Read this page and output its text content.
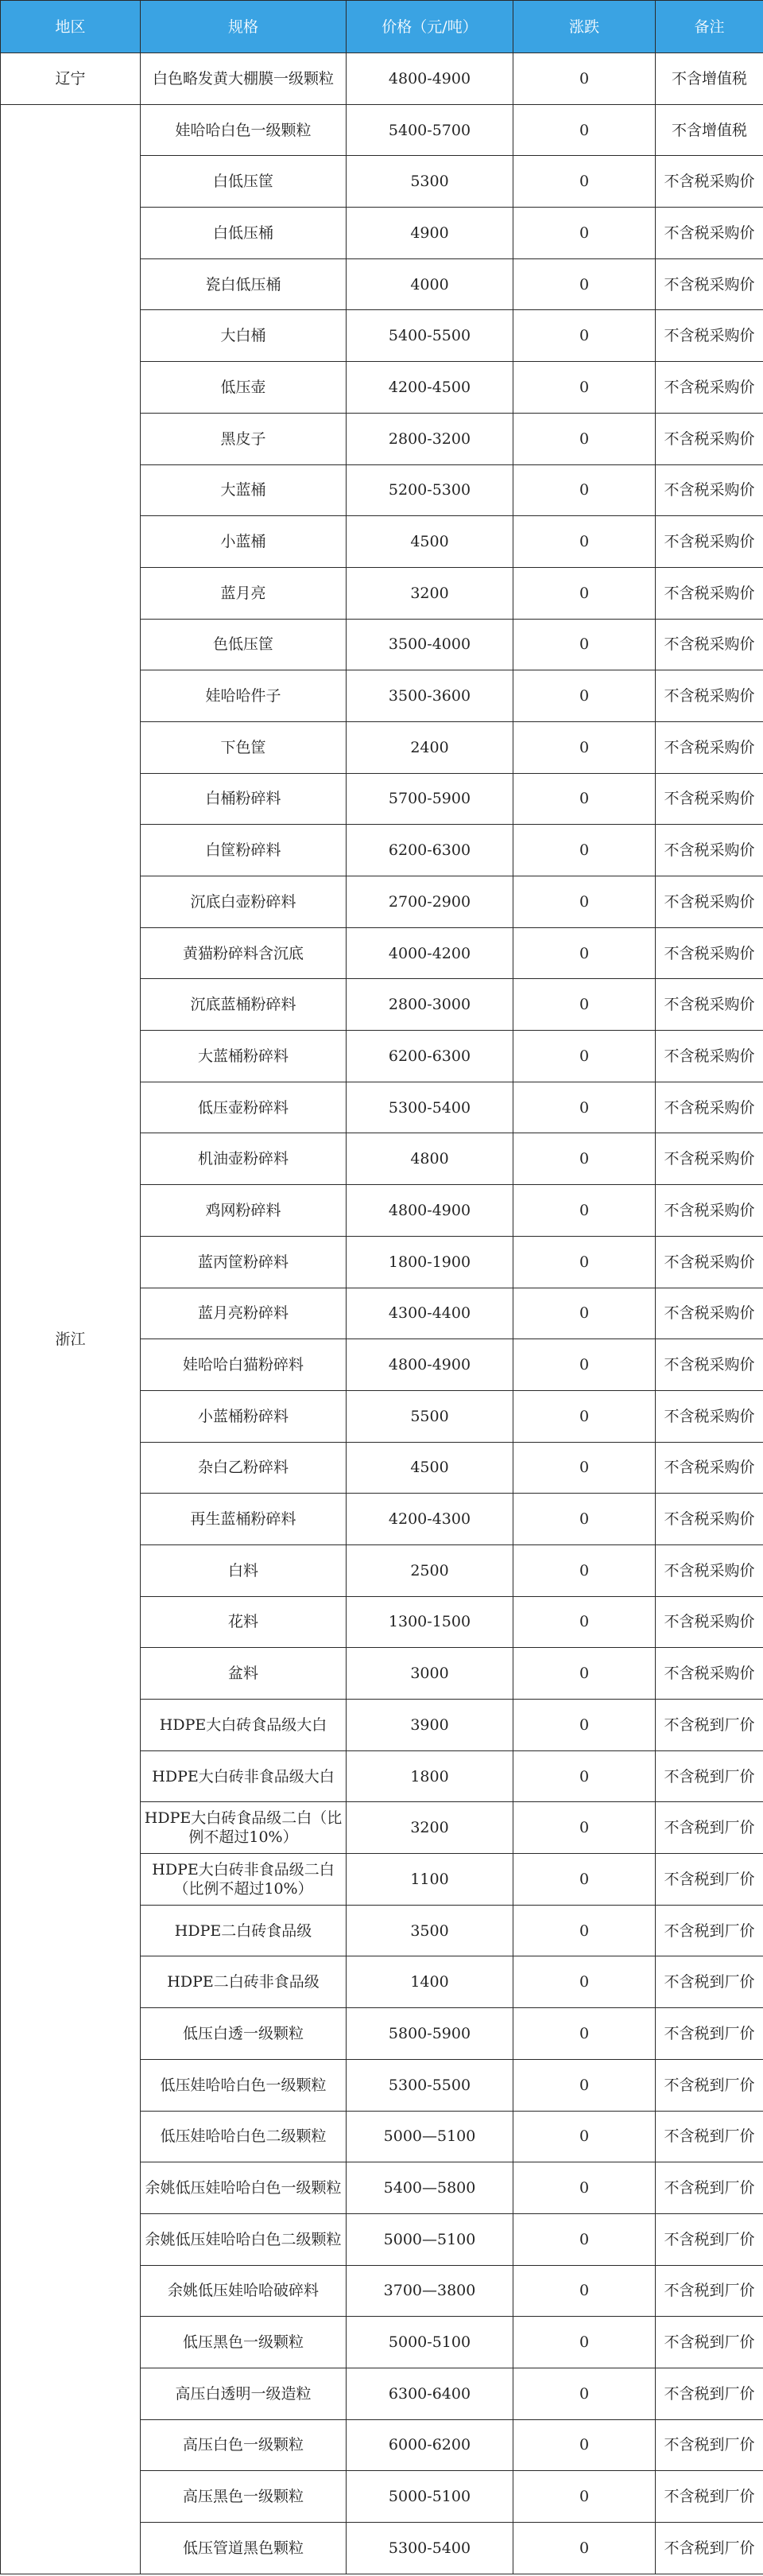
地区	规格	价格（元/吨）	涨跌	备注
辽宁	白色略发黄大棚膜一级颗粒	4800-4900	0	不含增值税
浙江	娃哈哈白色一级颗粒	5400-5700	0	不含增值税
	白低压筐	5300	0	不含税采购价
	白低压桶	4900	0	不含税采购价
	瓷白低压桶	4000	0	不含税采购价
	大白桶	5400-5500	0	不含税采购价
	低压壶	4200-4500	0	不含税采购价
	黑皮子	2800-3200	0	不含税采购价
	大蓝桶	5200-5300	0	不含税采购价
	小蓝桶	4500	0	不含税采购价
	蓝月亮	3200	0	不含税采购价
	色低压筐	3500-4000	0	不含税采购价
	娃哈哈件子	3500-3600	0	不含税采购价
	下色筐	2400	0	不含税采购价
	白桶粉碎料	5700-5900	0	不含税采购价
	白筐粉碎料	6200-6300	0	不含税采购价
	沉底白壶粉碎料	2700-2900	0	不含税采购价
	黄猫粉碎料含沉底	4000-4200	0	不含税采购价
	沉底蓝桶粉碎料	2800-3000	0	不含税采购价
	大蓝桶粉碎料	6200-6300	0	不含税采购价
	低压壶粉碎料	5300-5400	0	不含税采购价
	机油壶粉碎料	4800	0	不含税采购价
	鸡网粉碎料	4800-4900	0	不含税采购价
	蓝丙筐粉碎料	1800-1900	0	不含税采购价
	蓝月亮粉碎料	4300-4400	0	不含税采购价
	娃哈哈白猫粉碎料	4800-4900	0	不含税采购价
	小蓝桶粉碎料	5500	0	不含税采购价
	杂白乙粉碎料	4500	0	不含税采购价
	再生蓝桶粉碎料	4200-4300	0	不含税采购价
	白料	2500	0	不含税采购价
	花料	1300-1500	0	不含税采购价
	盆料	3000	0	不含税采购价
	HDPE大白砖食品级大白	3900	0	不含税到厂价
	HDPE大白砖非食品级大白	1800	0	不含税到厂价
	HDPE大白砖食品级二白（比例不超过10%）	3200	0	不含税到厂价
	HDPE大白砖非食品级二白（比例不超过10%）	1100	0	不含税到厂价
	HDPE二白砖食品级	3500	0	不含税到厂价
	HDPE二白砖非食品级	1400	0	不含税到厂价
	低压白透一级颗粒	5800-5900	0	不含税到厂价
	低压娃哈哈白色一级颗粒	5300-5500	0	不含税到厂价
	低压娃哈哈白色二级颗粒	5000—5100	0	不含税到厂价
	余姚低压娃哈哈白色一级颗粒	5400—5800	0	不含税到厂价
	余姚低压娃哈哈白色二级颗粒	5000—5100	0	不含税到厂价
	余姚低压娃哈哈破碎料	3700—3800	0	不含税到厂价
	低压黑色一级颗粒	5000-5100	0	不含税到厂价
	高压白透明一级造粒	6300-6400	0	不含税到厂价
	高压白色一级颗粒	6000-6200	0	不含税到厂价
	高压黑色一级颗粒	5000-5100	0	不含税到厂价
	低压管道黑色颗粒	5300-5400	0	不含税到厂价
